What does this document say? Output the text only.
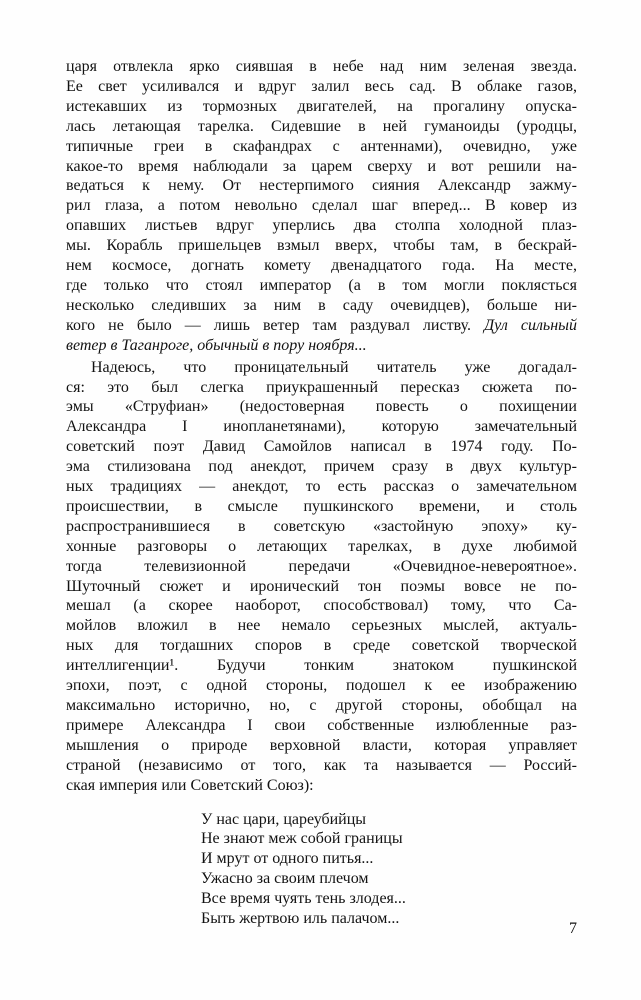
царя отвлекла ярко сиявшая в небе над ним зеленая звезда.
Ее свет усиливался и вдруг залил весь сад. В облаке газов,
истекавших из тормозных двигателей, на прогалину опуска-
лась летающая тарелка. Сидевшие в ней гуманоиды (уродцы,
типичные греи в скафандрах с антеннами), очевидно, уже
какое-то время наблюдали за царем сверху и вот решили на-
ведаться к нему. От нестерпимого сияния Александр зажму-
рил глаза, а потом невольно сделал шаг вперед... В ковер из
опавших листьев вдруг уперлись два столпа холодной плаз-
мы. Корабль пришельцев взмыл вверх, чтобы там, в бескрай-
нем космосе, догнать комету двенадцатого года. На месте,
где только что стоял император (а в том могли поклясться
несколько следивших за ним в саду очевидцев), больше ни-
кого не было — лишь ветер там раздувал листву. Дул сильный
ветер в Таганроге, обычный в пору ноября...
Надеюсь, что проницательный читатель уже догадал-
ся: это был слегка приукрашенный пересказ сюжета по-
эмы «Струфиан» (недостоверная повесть о похищении
Александра I инопланетянами), которую замечательный
советский поэт Давид Самойлов написал в 1974 году. По-
эма стилизована под анекдот, причем сразу в двух культур-
ных традициях — анекдот, то есть рассказ о замечательном
происшествии, в смысле пушкинского времени, и столь
распространившиеся в советскую «застойную эпоху» ку-
хонные разговоры о летающих тарелках, в духе любимой
тогда телевизионной передачи «Очевидное-невероятное».
Шуточный сюжет и иронический тон поэмы вовсе не по-
мешал (а скорее наоборот, способствовал) тому, что Са-
мойлов вложил в нее немало серьезных мыслей, актуаль-
ных для тогдашних споров в среде советской творческой
интеллигенции¹. Будучи тонким знатоком пушкинской
эпохи, поэт, с одной стороны, подошел к ее изображению
максимально исторично, но, с другой стороны, обобщал на
примере Александра I свои собственные излюбленные раз-
мышления о природе верховной власти, которая управляет
страной (независимо от того, как та называется — Россий-
ская империя или Советский Союз):
У нас цари, цареубийцы
Не знают меж собой границы
И мрут от одного питья...
Ужасно за своим плечом
Все время чуять тень злодея...
Быть жертвою иль палачом...
7
